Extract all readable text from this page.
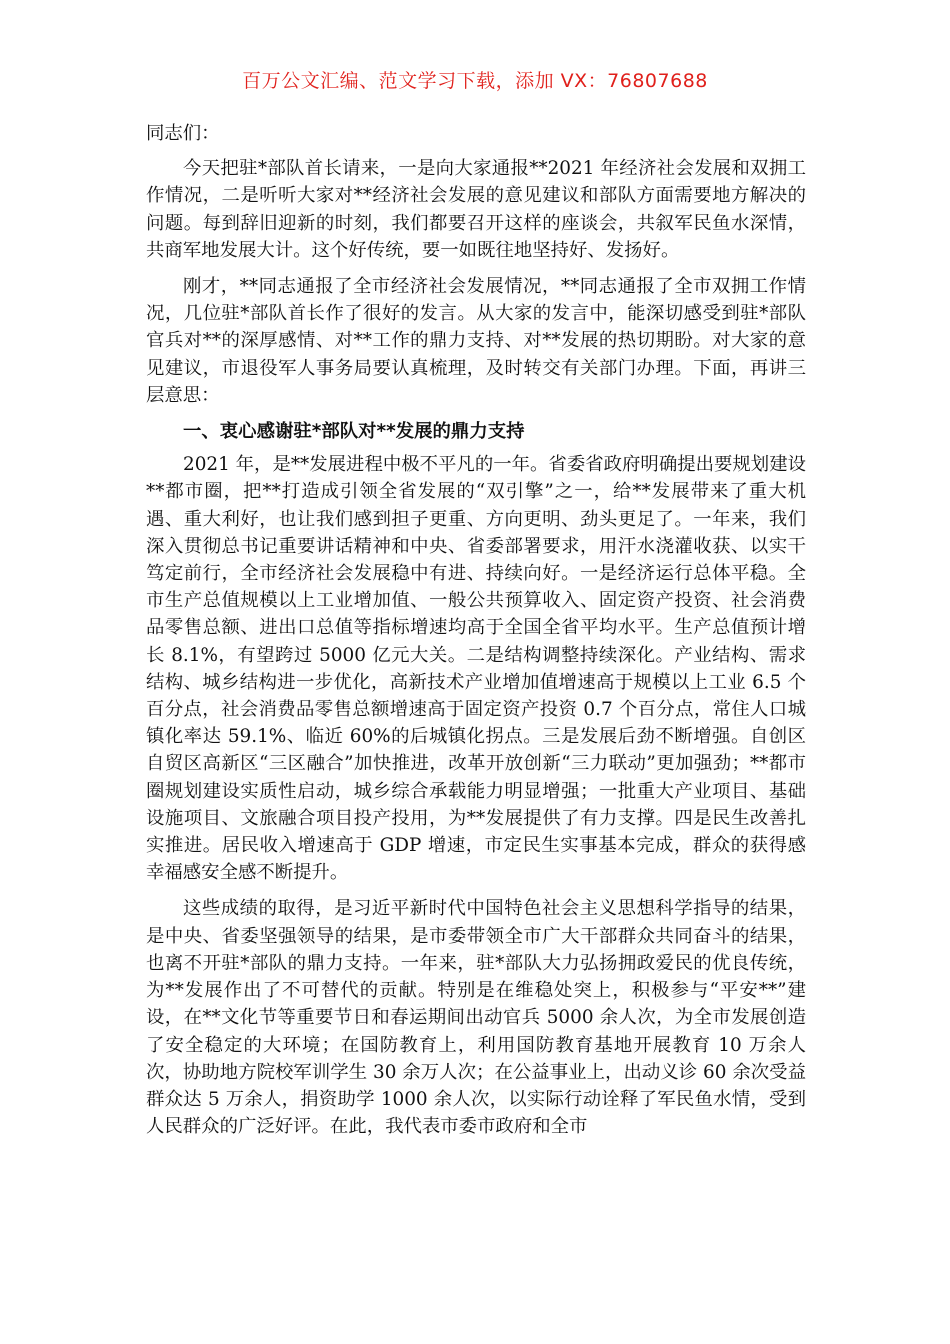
百万公文汇编、范文学习下载，添加 VX：76807688

同志们：

今天把驻*部队首长请来，一是向大家通报**2021 年经济社会发展和双拥工作情况，二是听听大家对**经济社会发展的意见建议和部队方面需要地方解决的问题。每到辞旧迎新的时刻，我们都要召开这样的座谈会，共叙军民鱼水深情，共商军地发展大计。这个好传统，要一如既往地坚持好、发扬好。

刚才，**同志通报了全市经济社会发展情况，**同志通报了全市双拥工作情况，几位驻*部队首长作了很好的发言。从大家的发言中，能深切感受到驻*部队官兵对**的深厚感情、对**工作的鼎力支持、对**发展的热切期盼。对大家的意见建议，市退役军人事务局要认真梳理，及时转交有关部门办理。下面，再讲三层意思：

一、衷心感谢驻*部队对**发展的鼎力支持

2021 年，是**发展进程中极不平凡的一年。省委省政府明确提出要规划建设**都市圈，把**打造成引领全省发展的“双引擎”之一，给**发展带来了重大机遇、重大利好，也让我们感到担子更重、方向更明、劲头更足了。一年来，我们深入贯彻总书记重要讲话精神和中央、省委部署要求，用汗水浇灌收获、以实干笃定前行，全市经济社会发展稳中有进、持续向好。一是经济运行总体平稳。全市生产总值规模以上工业增加值、一般公共预算收入、固定资产投资、社会消费品零售总额、进出口总值等指标增速均高于全国全省平均水平。生产总值预计增长 8.1%，有望跨过 5000 亿元大关。二是结构调整持续深化。产业结构、需求结构、城乡结构进一步优化，高新技术产业增加值增速高于规模以上工业 6.5 个百分点，社会消费品零售总额增速高于固定资产投资 0.7 个百分点，常住人口城镇化率达 59.1%、临近 60%的后城镇化拐点。三是发展后劲不断增强。自创区自贸区高新区“三区融合”加快推进，改革开放创新“三力联动”更加强劲；**都市圈规划建设实质性启动，城乡综合承载能力明显增强；一批重大产业项目、基础设施项目、文旅融合项目投产投用，为**发展提供了有力支撑。四是民生改善扎实推进。居民收入增速高于 GDP 增速，市定民生实事基本完成，群众的获得感幸福感安全感不断提升。

这些成绩的取得，是习近平新时代中国特色社会主义思想科学指导的结果，是中央、省委坚强领导的结果，是市委带领全市广大干部群众共同奋斗的结果，也离不开驻*部队的鼎力支持。一年来，驻*部队大力弘扬拥政爱民的优良传统，为**发展作出了不可替代的贡献。特别是在维稳处突上，积极参与“平安**”建设，在**文化节等重要节日和春运期间出动官兵 5000 余人次，为全市发展创造了安全稳定的大环境；在国防教育上，利用国防教育基地开展教育 10 万余人次，协助地方院校军训学生 30 余万人次；在公益事业上，出动义诊 60 余次受益群众达 5 万余人，捐资助学 1000 余人次，以实际行动诠释了军民鱼水情，受到人民群众的广泛好评。在此，我代表市委市政府和全市
